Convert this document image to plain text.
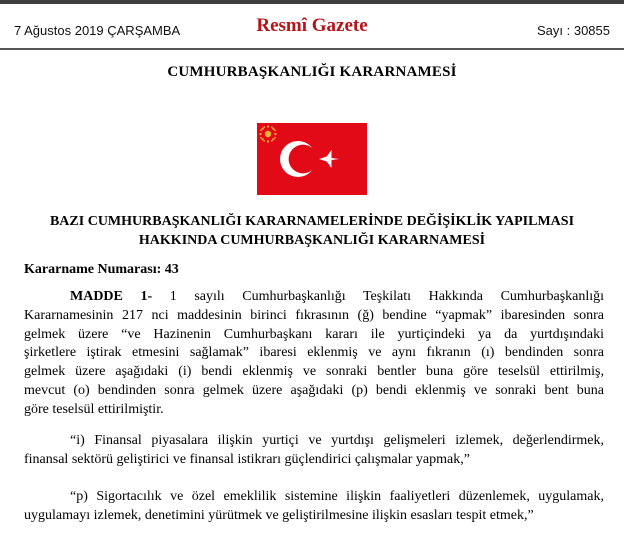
7 Ağustos 2019 ÇARŞAMBA	Resmî Gazete	Sayı : 30855
CUMHURBAŞKANLIĞI KARARNAMESİ
BAZI CUMHURBAŞKANLIĞI KARARNAMELERİNDE DEĞİŞİKLİK YAPILMASI
HAKKINDA CUMHURBAŞKANLIĞI KARARNAMESİ
Kararname Numarası: 43
MADDE 1- 1 sayılı Cumhurbaşkanlığı Teşkilatı Hakkında Cumhurbaşkanlığı
Kararnamesinin 217 nci maddesinin birinci fıkrasının (ğ) bendine “yapmak” ibaresinden sonra
gelmek üzere “ve Hazinenin Cumhurbaşkanı kararı ile yurtiçindeki ya da yurtdışındaki
şirketlere iştirak etmesini sağlamak” ibaresi eklenmiş ve aynı fıkranın (ı) bendinden sonra
gelmek üzere aşağıdaki (i) bendi eklenmiş ve sonraki bentler buna göre teselsül ettirilmiş,
mevcut (o) bendinden sonra gelmek üzere aşağıdaki (p) bendi eklenmiş ve sonraki bent buna
göre teselsül ettirilmiştir.
“i) Finansal piyasalara ilişkin yurtiçi ve yurtdışı gelişmeleri izlemek, değerlendirmek,
finansal sektörü geliştirici ve finansal istikrarı güçlendirici çalışmalar yapmak,”
“p) Sigortacılık ve özel emeklilik sistemine ilişkin faaliyetleri düzenlemek, uygulamak,
uygulamayı izlemek, denetimini yürütmek ve geliştirilmesine ilişkin esasları tespit etmek,”
